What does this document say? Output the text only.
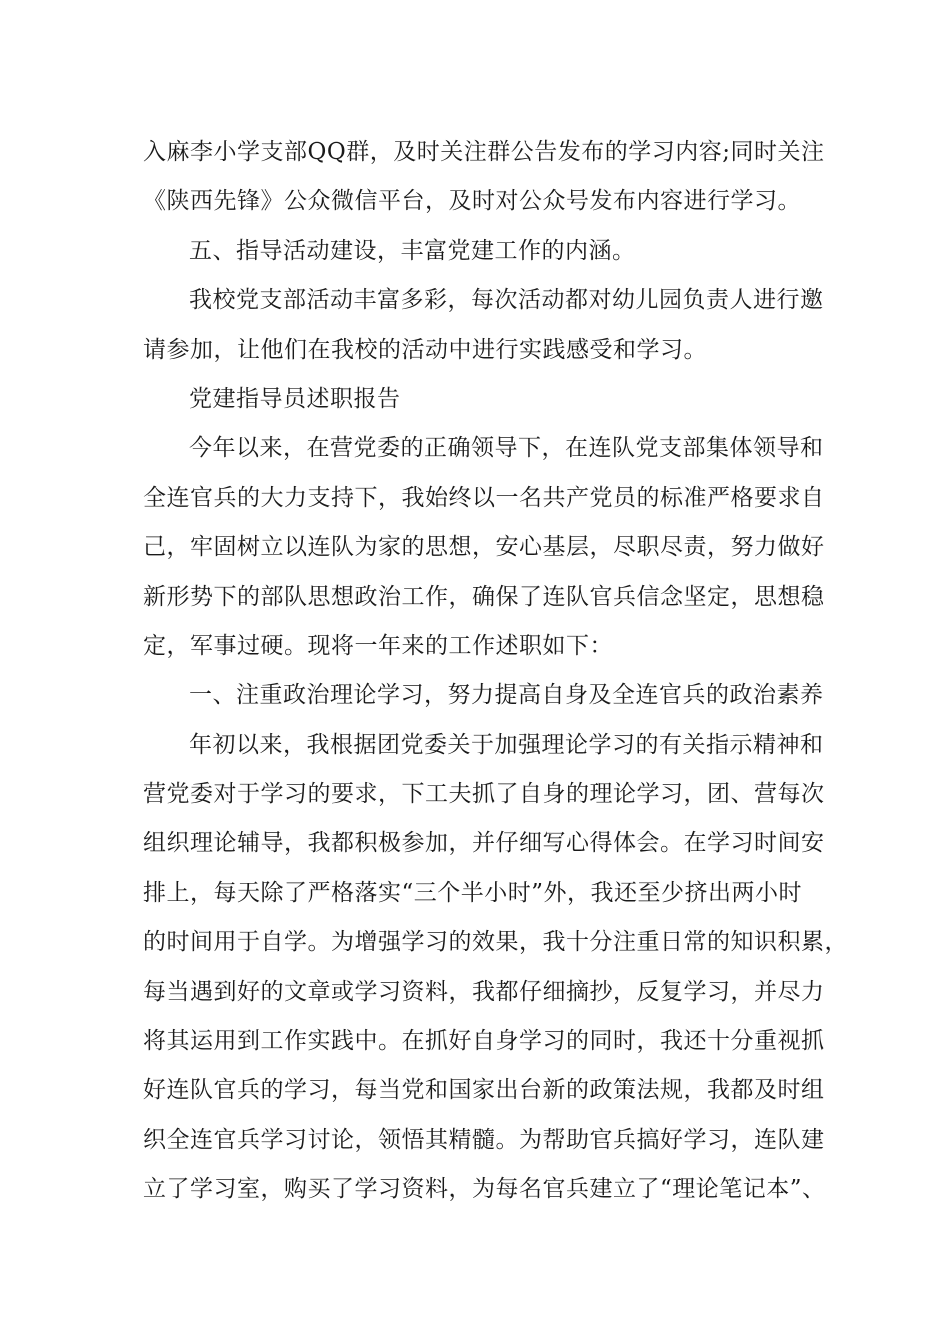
入麻李小学支部QQ群，及时关注群公告发布的学习内容;同时关注
《陕西先锋》公众微信平台，及时对公众号发布内容进行学习。
五、指导活动建设，丰富党建工作的内涵。
我校党支部活动丰富多彩，每次活动都对幼儿园负责人进行邀
请参加，让他们在我校的活动中进行实践感受和学习。
党建指导员述职报告
今年以来，在营党委的正确领导下，在连队党支部集体领导和
全连官兵的大力支持下，我始终以一名共产党员的标准严格要求自
己，牢固树立以连队为家的思想，安心基层，尽职尽责，努力做好
新形势下的部队思想政治工作，确保了连队官兵信念坚定，思想稳
定，军事过硬。现将一年来的工作述职如下：
一、注重政治理论学习，努力提高自身及全连官兵的政治素养
年初以来，我根据团党委关于加强理论学习的有关指示精神和
营党委对于学习的要求，下工夫抓了自身的理论学习，团、营每次
组织理论辅导，我都积极参加，并仔细写心得体会。在学习时间安
排上，每天除了严格落实“三个半小时”外，我还至少挤出两小时
的时间用于自学。为增强学习的效果，我十分注重日常的知识积累，
每当遇到好的文章或学习资料，我都仔细摘抄，反复学习，并尽力
将其运用到工作实践中。在抓好自身学习的同时，我还十分重视抓
好连队官兵的学习，每当党和国家出台新的政策法规，我都及时组
织全连官兵学习讨论，领悟其精髓。为帮助官兵搞好学习，连队建
立了学习室，购买了学习资料，为每名官兵建立了“理论笔记本”、
